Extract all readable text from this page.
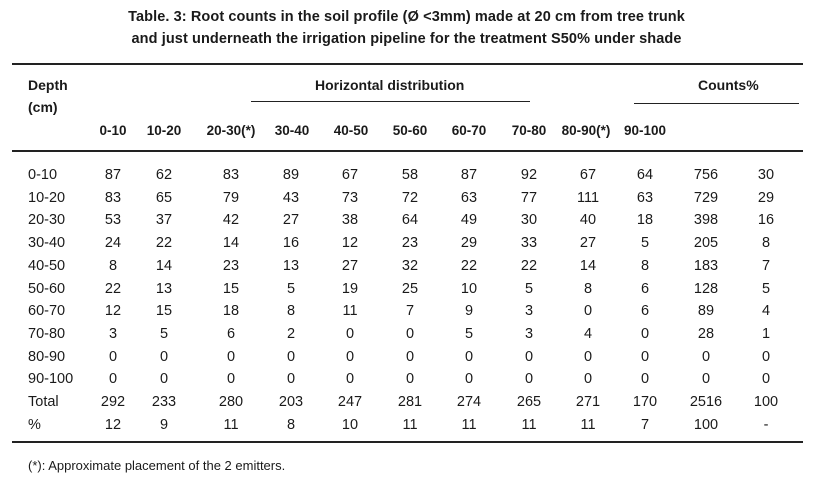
Table. 3: Root counts in the soil profile (Ø <3mm) made at 20 cm from tree trunk
and just underneath the irrigation pipeline for the treatment S50% under shade
Depth
(cm)
Horizontal distribution	Counts%
0-10 10-20 20-30(*) 30-40 40-50 50-60 60-70 70-80 80-90(*) 90-100
0-10	87 62	83	89	67	58	87	92	67	64	756	30
10-20	83 65	79	43	73	72	63	77	111	63	729	29
20-30	53 37	42	27	38	64	49	30	40	18	398	16
30-40	24 22	14	16	12	23	29	33	27	5	205	8
40-50	8	14	23	13	27	32	22	22	14	8	183	7
50-60	22 13	15	5	19	25	10	5	8	6	128	5
60-70	12 15	18	8	11	7	9	3	0	6	89	4
70-80	3	5	6	2	0	0	5	3	4	0	28	1
80-90	0	0	0	0	0	0	0	0	0	0	0	0
90-100 0	0	0	0	0	0	0	0	0	0	0	0
Total	292 233	280 203 247 281 274 265 271 170 2516 100
%	12	9	11	8	10	11	11	11	11	7	100	-
(*): Approximate placement of the 2 emitters.
